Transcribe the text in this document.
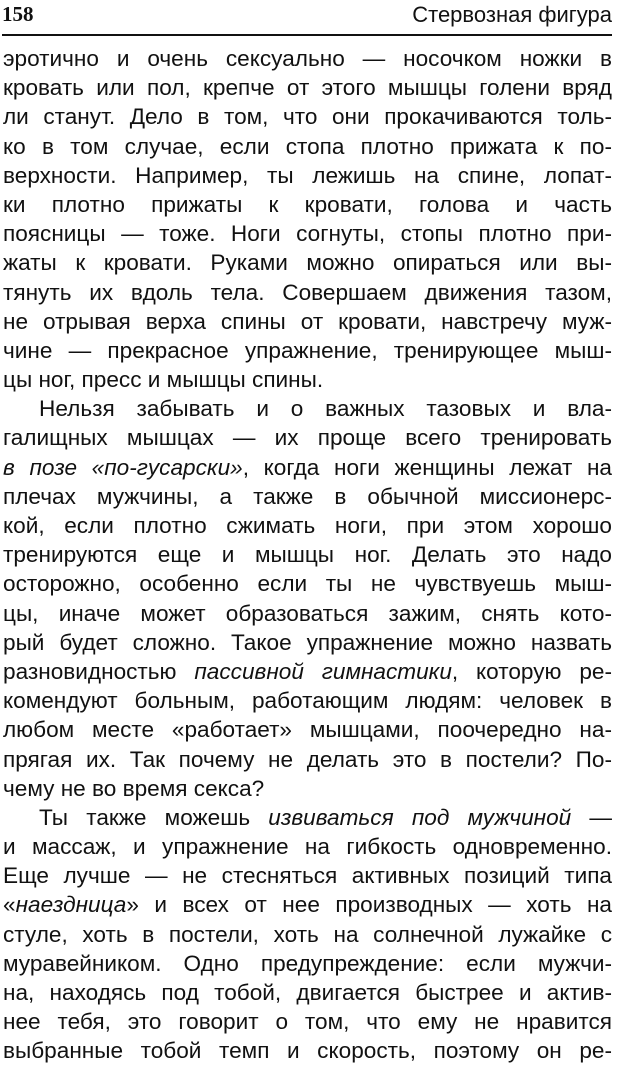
158	Стервозная фигура
эротично и очень сексуально — носочком ножки в
кровать или пол, крепче от этого мышцы голени вряд
ли станут. Дело в том, что они прокачиваются толь-
ко в том случае, если стопа плотно прижата к по-
верхности. Например, ты лежишь на спине, лопат-
ки плотно прижаты к кровати, голова и часть
поясницы — тоже. Ноги согнуты, стопы плотно при-
жаты к кровати. Руками можно опираться или вы-
тянуть их вдоль тела. Совершаем движения тазом,
не отрывая верха спины от кровати, навстречу муж-
чине — прекрасное упражнение, тренирующее мыш-
цы ног, пресс и мышцы спины.
Нельзя забывать и о важных тазовых и вла-
галищных мышцах — их проще всего тренировать
в позе «по-гусарски», когда ноги женщины лежат на
плечах мужчины, а также в обычной миссионерс-
кой, если плотно сжимать ноги, при этом хорошо
тренируются еще и мышцы ног. Делать это надо
осторожно, особенно если ты не чувствуешь мыш-
цы, иначе может образоваться зажим, снять кото-
рый будет сложно. Такое упражнение можно назвать
разновидностью пассивной гимнастики, которую ре-
комендуют больным, работающим людям: человек в
любом месте «работает» мышцами, поочередно на-
прягая их. Так почему не делать это в постели? По-
чему не во время секса?
Ты также можешь извиваться под мужчиной —
и массаж, и упражнение на гибкость одновременно.
Еще лучше — не стесняться активных позиций типа
«наездница» и всех от нее производных — хоть на
стуле, хоть в постели, хоть на солнечной лужайке с
муравейником. Одно предупреждение: если мужчи-
на, находясь под тобой, двигается быстрее и актив-
нее тебя, это говорит о том, что ему не нравится
выбранные тобой темп и скорость, поэтому он ре-
